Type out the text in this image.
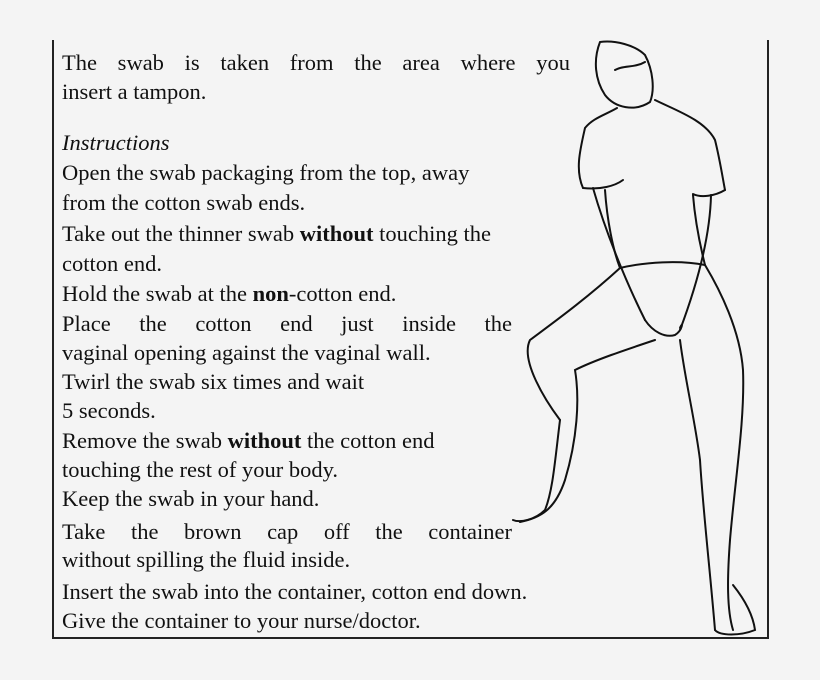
The swab is taken from the area where you
insert a tampon.
Instructions
Open the swab packaging from the top, away
from the cotton swab ends.
Take out the thinner swab without touching the
cotton end.
Hold the swab at the non-cotton end.
Place the cotton end just inside the
vaginal opening against the vaginal wall.
Twirl the swab six times and wait
5 seconds.
Remove the swab without the cotton end
touching the rest of your body.
Keep the swab in your hand.
Take the brown cap off the container
without spilling the fluid inside.
Insert the swab into the container, cotton end down.
Give the container to your nurse/doctor.
